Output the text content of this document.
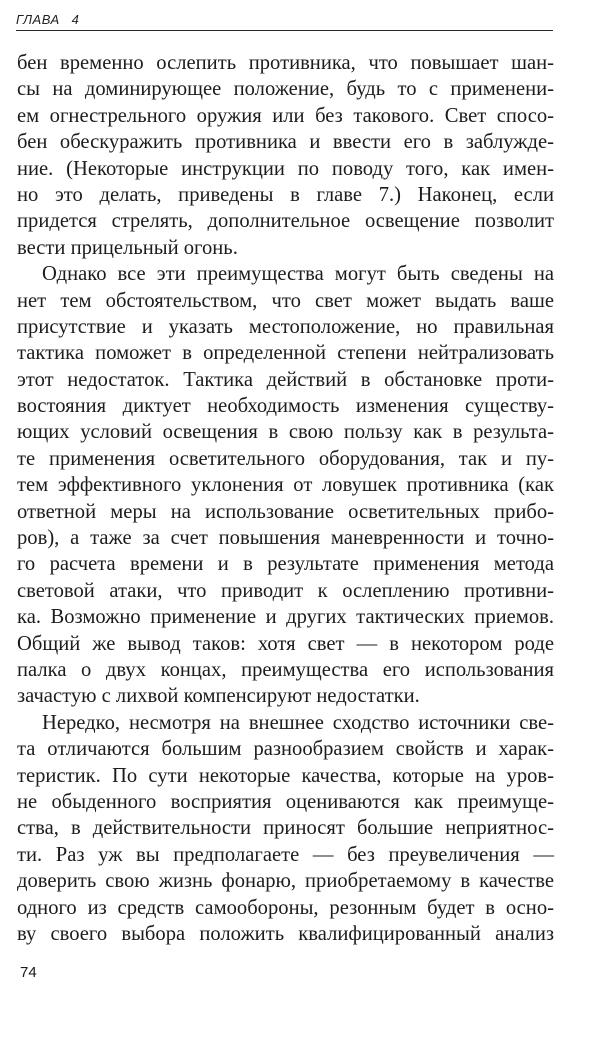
ГЛАВА 4
бен временно ослепить противника, что повышает шан-
сы на доминирующее положение, будь то с применени-
ем огнестрельного оружия или без такового. Свет спосо-
бен обескуражить противника и ввести его в заблужде-
ние. (Некоторые инструкции по поводу того, как имен-
но это делать, приведены в главе 7.) Наконец, если
придется стрелять, дополнительное освещение позволит
вести прицельный огонь.
Однако все эти преимущества могут быть сведены на
нет тем обстоятельством, что свет может выдать ваше
присутствие и указать местоположение, но правильная
тактика поможет в определенной степени нейтрализовать
этот недостаток. Тактика действий в обстановке проти-
востояния диктует необходимость изменения существу-
ющих условий освещения в свою пользу как в результа-
те применения осветительного оборудования, так и пу-
тем эффективного уклонения от ловушек противника (как
ответной меры на использование осветительных прибо-
ров), а таже за счет повышения маневренности и точно-
го расчета времени и в результате применения метода
световой атаки, что приводит к ослеплению противни-
ка. Возможно применение и других тактических приемов.
Общий же вывод таков: хотя свет — в некотором роде
палка о двух концах, преимущества его использования
зачастую с лихвой компенсируют недостатки.
Нередко, несмотря на внешнее сходство источники све-
та отличаются большим разнообразием свойств и харак-
теристик. По сути некоторые качества, которые на уров-
не обыденного восприятия оцениваются как преимуще-
ства, в действительности приносят большие неприятнос-
ти. Раз уж вы предполагаете — без преувеличения —
доверить свою жизнь фонарю, приобретаемому в качестве
одного из средств самообороны, резонным будет в осно-
ву своего выбора положить квалифицированный анализ
74
